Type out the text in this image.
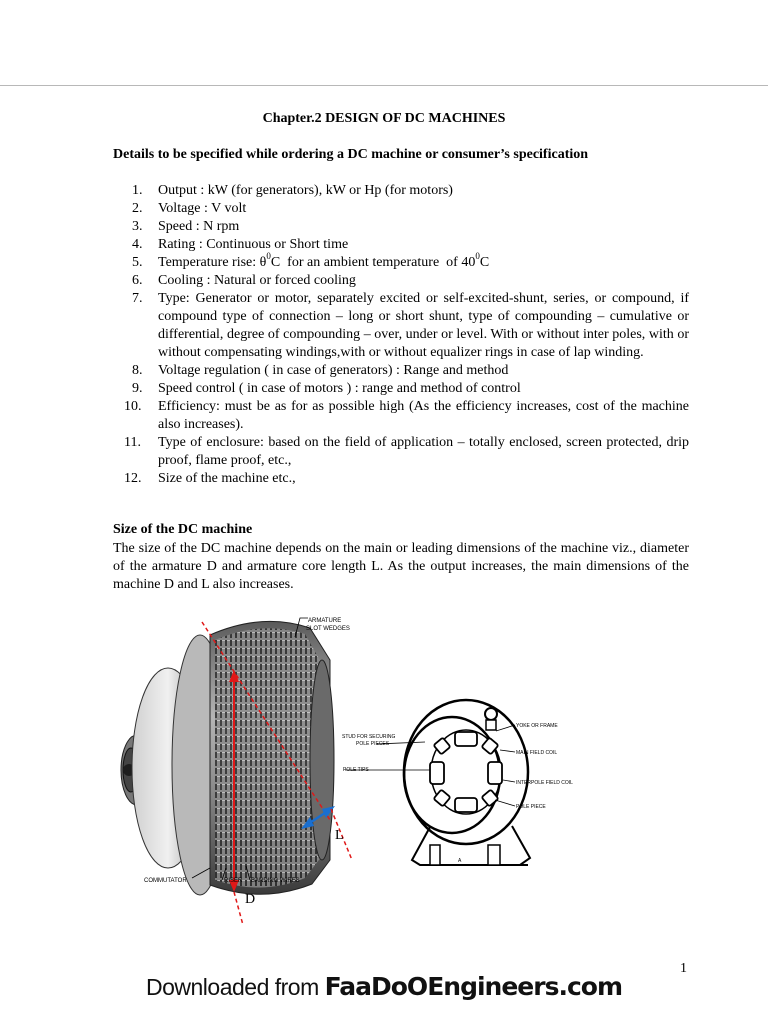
Chapter.2 DESIGN OF DC MACHINES
Details to be specified while ordering a DC machine or consumer’s specification
1.	Output : kW (for generators), kW or Hp (for motors)
2.	Voltage : V volt
3.	Speed : N rpm
4.	Rating : Continuous or Short time
5.	Temperature rise: $\theta^0C$  for an ambient temperature  of $40^0C$
6.	Cooling : Natural or forced cooling
7.	Type: Generator or motor, separately excited or self-excited-shunt, series, or compound, if compound type of connection – long or short shunt, type of compounding – cumulative or differential, degree of compounding – over, under or level. With or without inter poles, with or without compensating windings,with or without equalizer rings in case of lap winding.
8.	Voltage regulation ( in case of generators) : Range and method
9.	Speed control ( in case of motors ) : range and method of control
10.	Efficiency: must be as for as possible high (As the efficiency increases, cost of the machine also increases).
11.	Type of enclosure: based on the field of application – totally enclosed, screen protected, drip proof, flame proof, etc.,
12.	Size of the machine etc.,
Size of the DC machine
The size of the DC machine depends on the main or leading dimensions of the machine viz., diameter of the armature D and armature core length L. As the output increases, the main dimensions of the machine D and L also increases.
ARMATURE
SLOT WEDGES
COMMUTATOR	RISER BANDING WIRES
L
D
YOKE OR FRAME
MAIN FIELD COIL
INTERPOLE FIELD COIL
POLE PIECE
STUD FOR SECURING
POLE PIECES
POLE TIPS
A
1
Downloaded from FaaDoOEngineers.com
